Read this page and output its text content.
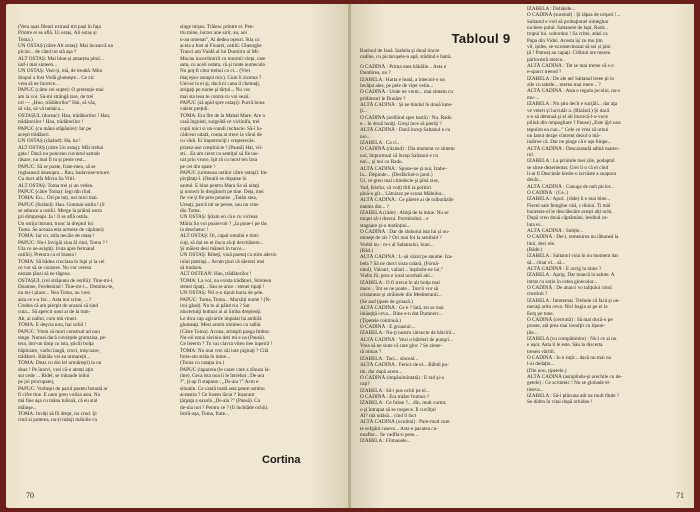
(Vera așaz fileuri extrasă ttri pași în fața
Printre ei se află. Ui ostaș. Ali ostaș și
Toma.)
UN OSTAȘ (către Alt ostaș): Mai încearcă un
picior... de când tot stă așa ?
ALT OSTAȘ: Mai bine-și amarțea pitul...
unf-i mai sinteen...
UN OSTAȘ: Vezi-ți, mă, de treabă. Mitu
dropul a fost Vodă glumeşte... Ce zic
vrea să ne încerce...
PAPUC (către cei supte): O pretenție mai
am la voi. Să-mi strângă tare, de treî
ori — „Hoo, trădătorilor" Hai, să văz,
să văz, să vă tamăcu...
OSTAȘUL (dorear): Hau, trădătorilor ! Hau,
trădătorilor ! Hau, trădătorilor !
PAPUC (cu mâna stăpânire): Iar pe
aceşti trădători.
UN OSTAȘ (râzând): Ha, ha !
ALT OSTAȘ (către Un ostaș): Măi trehui
gata ! Dacă nu ponceau cuvintul samub
răsare, nu mai fi tu și peste rest...
PAPUC: Să se poate, frate-meu, să se
roglasască deasupra... Rau, badavuse-troure.
Cu duct alfa Mirza Sa Vitil.
ALT OSTAȘ: Toma trei și un vedea.
PAPUC (către Toma): Iegi din rînd.
TOMA: Eu... Ori pe toți, nei mici mai.
PAPUC (furând): Hau. Gonmai ostila ! (S
se adunce a ostilii. Merge la prăină ostra
pri dimpreapi. Ia ! Il se află ostila.
Un ostija intrunt, tronc la dreptul lui
Toma. Se aceaza etia urmeze de căpitani)
TOMA: Iar cu, stila necăie de ostaș !
PAPUC: Nu-i învigăi ziua ăl rind, Toma ? !
Ula ce ne-aciştiți. Iruta apre fermand
ostilii). Pretora ca ei bunea !
TOMA: Să bădea cruciasa în lupi și la cei
ce vor să se conzese. Nu vor ceresa
nezam țănzi să ne tăgeoa.
OSTAȘUL (cel străpunu de ostilii): Tine-mi-l,
Doamne, Ferdemind ! Tine-mi-l... Dominu-te,
nu mi-i place... Nea Toma, nu vreo
asta ce s-a fac... Asta nui scine, ... ?
Credea că am pierpit de unsoni să sind
cuta... Să apercit unui ai de la tum-
Ah, ai nallui, cum mă vineri.
TOMA: E deşvia nou, hai ochii !
PAPUC: Vrem să mori construit ad nou
tenge. Numai dacă cuverpde grumzisa, pe-
tera, într-un timp cu ista, șticili bolța
băptinare, varbu langă, cruci, mișcoare,
trădători. Bănăla vei ea urmarejti...
TOMA: Deaz cu doi lei urmăreşti) la un
deaz ! Pe înarvi, vrei că-o atenți ațin
sui cede ... Ridel, se inhaude inilui
pe joi procopate),
PAPUC: Vorbeşti de parul pasteu bonută ar
fi cifre tine. E oum greu voliza asta. Nu
mă fine aşa cu mâna tulisuă, că eu stai
mâinşe...
TOMA: Invăți să fii drept, nu crud. Şi
cind ai puterea, nu-ți mânji mâinile cu
singe mișos. Trăiesc printre ei. Pen-
tru mine, lucrez ane sirit, au, ani
n-au omenat", Ai dedea oşeuri. Stia cu
aceia a fost al Fioarei, ostilii. Gheorghe
Tranci am Vuidă al lui Dumitru al Mi-
Mocau incovlimirii cu mormii vieţa, cate
sata, cu aceli ostata, că şi toate numecula
Nu poţ fi citor trebui cu ci... (Vrei
thaţ epor ostaşul mic). Cum îi zicema ?
Uni-se la ei şi, dacă ni cana il chemaţi,
strigaţi pe nume şi tărțui... Nu vor
mai sta lesa te contra cu voi seaii.
PAPUC (să apid spre ostaşi): Pucră bona
valent preţidi.
TOMA: Era lîte de la Mahal Mare. Are o
casă înguisti, surgeătă ce viclinifa, trei
copii mici si un-vundi rochacie. Să-i lu-
cădceoi odată, conta ai trece la vărul de
cu vădi. Ei împotrociţi i creşterecăe.
przesz-ase creștinicie ! (Pausă) Hai, vii-
sti... Ea am cerut cu sentiţul să fie tas-
cat prin vruce, îşit ră cu mort ten Iota
pe cei din spate !
PAPUC (urmezau ostilor către ostaşi): Im-
pivţătaţi-l. (Ostalii se dopatse în
santul. E bine pentru Mara Sa să uitaţi
şi nonwit în dregătorit pe tine. Deşi, mei
fie vie ţi fie pres pmaise. „Tatăn stea,
Ureaţi, parcă mi se pense, sau nu vine
din Toma.
UN OSTAȘ: Ştiam en că e cu vicleaa
Măria Sa voi poarevoit ? „Ia pune-i pe tăs
la deschetoc !
ALT OSTAȘ: Oi, capul omulni e tinti-
cuţi, să dai en et ilucu să-ţi devrităsere...
Şi măiest desi măneri în turce...
UN OSTAȘ: Ribeţi, viuă poetuţ ca stim adevă-
rului piatraşi... Avum ţiuri că săerezi mei
să tradaon.
ALT OSTEAN: Hau, trădătorilor !
TOMA: La voi, nu exista trădători, Stinteun
stenei tipaţi... Sau se ance : stenei tipaţi !
UN OSTAȘ: Nil o-u tipuit buria de şele.
PAPUC: Toma, Toma... Marsiiţi nume ! (N-
iroi gând). Nu te ai pâlut riu ? Sar
nincertuiţi bottuar ai ai iimba drepteoţi.
Le dica cap agicarile impalat ba ambilă
glumeaţi. Mesi aromi nimireo cu salhă.
(Către Toma). Acuna, strinşiti pasga Imbuc.
Nu-oii nmai răviniu deti mi e ua (Pausă).
Ce îseerm ? Tu vai clavra viteo ilee iupeiră !
TOMA: Nu mai vrei săi iute pigitaţi ? Cită
forte-am străa în mine...
(Toma cu catapa ira.)
PAPUC (laparrea (le cazer care a zînuza la-
tine). Ceca ista noa li le întrebat ; De-ara
?", ţi-ap fi stapaun ; „Ds-aia ?" Acm e
situatin. Ce cantă toată asta pente ustimu
aceastra ? Ce însem iâcut ? Înșurant
ţărpaţa a sazola „Ds-ala ?" (Pausă). Cu
de-nia noi ? Pentru ce ? (Îi încblâde ochii).
Intrîi-aşa, Toma, frate...
Cortina
70
Tabloul 9
Bazinul de fauă. Izabela şi două tincre
cadîne, cu piciaruşele-n apă, stădind e batră.
O CADÎNĂ : Prima mea băitălie... Asta e
Dumbrea, nu ?
IZABELA : Harta e bună, a întecuit-o un
învăţat ales, pe pele de viței velin...
O CADÎNĂ : Unde ne vrem... mai sîntem cu
pridinsuri le Dunăre ?
ALTĂ CADÎNĂ : Şi ne bindul în două lune-
ţi...
O CADÎNĂ (ardilind spre hartă) : Nu. Radu
e... în două luniţi. Greşi ince să pieriţi ?
ALTĂ CADÎNĂ : Dacă încep Saltanul e cu
noi...
IZABELA : Ca ci...
O CADÎNĂ (râzând) : Dia moment ce sîntem
noi, împurmsal că încep Saltanul e cu
noi... şi noi cu Radu.
ALTĂ CADÎNĂ : Spune-ne şi noi, Izabe-
la... Depinde... (Desfăcînd-o jarul.)
Ui, ce greu mai citindecie şi pînă zise,
Vad, feisfor, că voiţi tîtli la politici
pînă-n gît... Lătnizez pe scuna Măbulor...
ALTĂ CADÎNĂ : Ce părere ai de tulburăzile
nantea din... ?
IZABELA (râde) : Altiţă de la mine. Nu se
mopti să-i drezui. Pormîndmi... e
stagnare şi-o motînțini...
O CADÎNĂ : Dar de răsboiul ista lui și nu-
mineţe de zis ? Ori mai foi la sentînid ?
Vorbă nu : ce-i al Saltanului, bunt...
(Răd.)
ALTĂ CADÎNĂ : L-aă văzut pe anume. Iza-
bela ? Să ne dorci sisra calară, (Fornă-
nind), Valoari, valiari... înştindu-ne lui."
Vodin fii, prea e ioral ucerhali ahi...
IZABELA : O fi trecut în alt hoiţa mai
mare... Tot se ne poate... Turcii vor să
cristaneze şi străinele din Mediteranii...
(Se aud ţipete de groază.)
ALTĂ CADÎNĂ : Ce e ? Iată, tot se mai
înlăuţiţă ceva... Bine e-n dat Dumnerc...
(Ţipetele continuă.)
O CADÎNĂ : E groaznic...
IZABELA : Nu-ţi nostru cârsocte de bărciră...
ALTĂ CADÎNĂ : Vezi o bătrieri de pungri...
Vrea să ne siute că rare gloc ? Se ziene-
ră nimas ?
IZABELA : Taci... sînceal...
ALTĂ CADÎNĂ : Ferice de el... Răbdi pu-
tin, dar după acem...
O CADÎNĂ (impăuimîntată) : E rad şi-a
cap?
IZABELA : Să-i pus ochii pe el...
O CADÎNĂ : Era miăre frumos ?
IZABELA : Ce fuhse ?... dîn, mult curmt,
o şi întrapat să se ruspece. Îl cuvîlţul
AI? mă uităsă... cînd îl luct
ALTĂ CADÎNĂ (uculitai) : Pare-mud cum
te sofgâtă cusevs... Asta e pacatea cu-
noaflor... Se vadfla-n pese...
IZABELA : Fiimauele...
IZABELA : Dobăsile...
O CADÎNĂ (sureind) : Şi lăpsa de urişori !...
Saltanul e vrei să probaţionel nimeghar
na-bere pulul. Saltanele de lapt, Rodr...
trupul lui. cobordoz ! Sa critei, atâsi ca
Papa din Vidoi. Acesta îşi zu mu ţim
vil, ipiles, se-nconsecteazai să sei și pini
ţii ! Patreaţ au capați. Cilibiul are mereu
pârlocestă mercu..
ALTĂ CADÎNĂ : Tot se mai treme că s-o
e-sparct treend ?
IZABELA : De ale ael Saltanul treee pi in
zile cu tabele... mereu mai mere... ?
ALTĂ CADÎNĂ : Asta e regula jocului, nu-s
mu-...
IZABELA : Nu ştiu decît e sucţăli... dar aţa
ve veleri și lucrulăr a. (Rîzând.) Şi dacă
s-o să demnaă şi el ail încercă-l-o-voce
pilink din ompogîtare ? Pause) „Este iĝri noa
tepuiim ea cun..." Cele ce vrea să urnui
un Ianut dezpe cîntrent dezul o mă-
indiroe că. Dar ne pinge că e aşe limpe...
ALTĂ CADÎNĂ : Descaratadâ adînă mateo-
rol.
IZABELA : La priimile tuei zile, podaptul
se sinse dezerientat. Grei îi o că el cînd
li-ai fi Descinde biedo-o larvăste a suaporu
decât...
ALTĂ CADÎNĂ : Canuga de nuh picior...
O CADÎNĂ : (Ce..)
IZABELA : Apol.. (râde) îi e mai bine...
Fiecel sale femgîne văd, c dinioi. Ti mâi
bunrezte el le descălecăre acești alți ochi.
După vreo două căptămâni, lesdind cu-
luta ei...
ALTĂ CADÎNĂ : Subție...
O CADÎNĂ : Deci, remenirea nu iăbuneă la
linii, deci ele.
(Râde.)
IZABELA : Saltanul voia în nu moment dat
să... chiar el... să...
ALTĂ CADÎNĂ : E avrig la mine ?
IZABELA : Aprig. Dar mancă la salute. A
intrat cu soțiu în cetea ginecolor...
O CADÎNĂ : De atunci vo taliţului cotul
crestinii ?
IZABELA : Intotemai. Trebuie că facă şi ue-
meraţi aritu ceva. Nici bagia ar pe ei la
Eerş pe tune.
O CADÎNĂ (cerrrată) : Să mai ducă-o pe
proste, ată prea mai ionulţir cu tipere-
țile...
IZABELA (cu compătimire) : Nici ce ai nu
e ușor. Asta li le este. Său la discerta
trenen vărtiil.
O CADÎNĂ : Iu e suţir... dacă nu mai nu
l-ai dedaţiu...
(Din nou, țipetele.)
ALTĂ CADÎNĂ (astupîndu-şi urechile cu de-
getele) : Ce scrinteic ! Nu se globade el-
tineva...
IZABELA : Să-i plăcuna atît ne mult tîtule ?
Se diden în vitai după orbidoe !
71
